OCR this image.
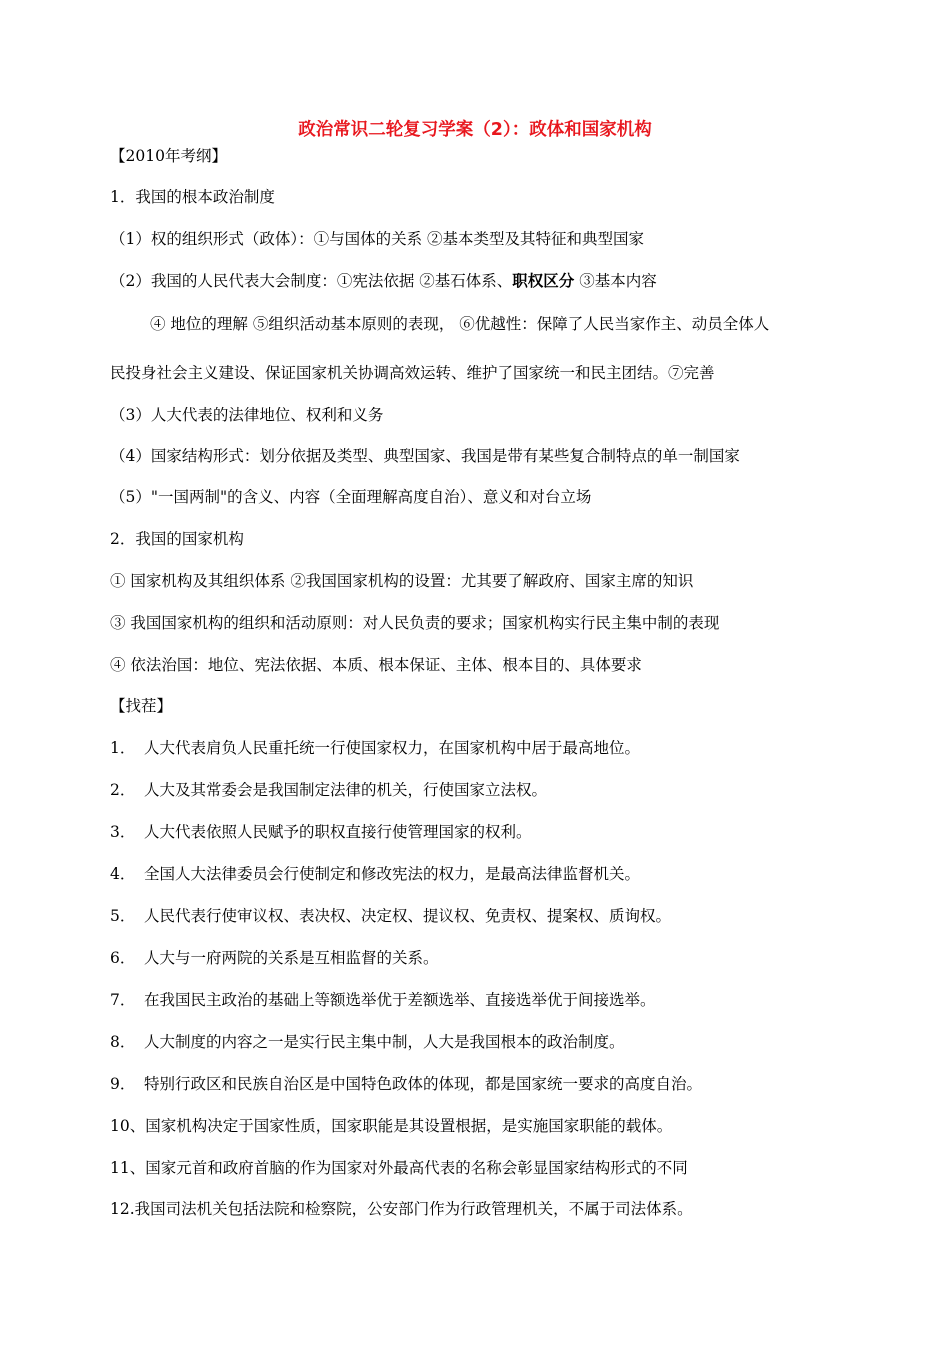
政治常识二轮复习学案（2）：政体和国家机构
【2010年考纲】
1．我国的根本政治制度
（1）权的组织形式（政体）：①与国体的关系 ②基本类型及其特征和典型国家
（2）我国的人民代表大会制度：①宪法依据 ②基石体系、职权区分 ③基本内容
④ 地位的理解 ⑤组织活动基本原则的表现， ⑥优越性：保障了人民当家作主、动员全体人
民投身社会主义建设、保证国家机关协调高效运转、维护了国家统一和民主团结。⑦完善
（3）人大代表的法律地位、权利和义务
（4）国家结构形式：划分依据及类型、典型国家、我国是带有某些复合制特点的单一制国家
（5）"一国两制"的含义、内容（全面理解高度自治）、意义和对台立场
2．我国的国家机构
① 国家机构及其组织体系 ②我国国家机构的设置：尤其要了解政府、国家主席的知识
③ 我国国家机构的组织和活动原则：对人民负责的要求；国家机构实行民主集中制的表现
④ 依法治国：地位、宪法依据、本质、根本保证、主体、根本目的、具体要求
【找茬】
1． 人大代表肩负人民重托统一行使国家权力，在国家机构中居于最高地位。
2． 人大及其常委会是我国制定法律的机关，行使国家立法权。
3． 人大代表依照人民赋予的职权直接行使管理国家的权利。
4． 全国人大法律委员会行使制定和修改宪法的权力，是最高法律监督机关。
5． 人民代表行使审议权、表决权、决定权、提议权、免责权、提案权、质询权。
6． 人大与一府两院的关系是互相监督的关系。
7． 在我国民主政治的基础上等额选举优于差额选举、直接选举优于间接选举。
8． 人大制度的内容之一是实行民主集中制，人大是我国根本的政治制度。
9． 特别行政区和民族自治区是中国特色政体的体现，都是国家统一要求的高度自治。
10、国家机构决定于国家性质，国家职能是其设置根据，是实施国家职能的载体。
11、国家元首和政府首脑的作为国家对外最高代表的名称会彰显国家结构形式的不同
12.我国司法机关包括法院和检察院，公安部门作为行政管理机关，不属于司法体系。
